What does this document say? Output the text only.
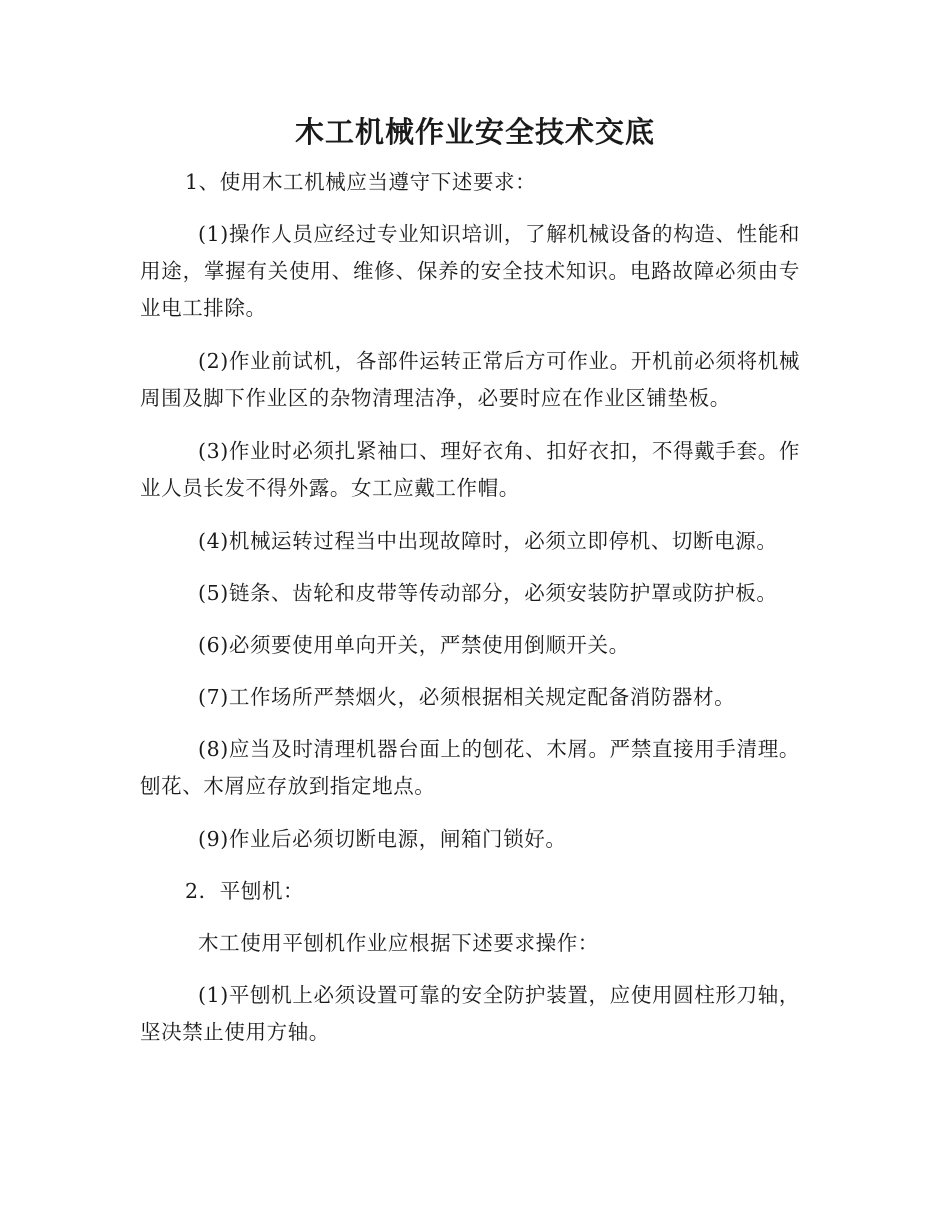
木工机械作业安全技术交底

1、使用木工机械应当遵守下述要求：

(1)操作人员应经过专业知识培训，了解机械设备的构造、性能和用途，掌握有关使用、维修、保养的安全技术知识。电路故障必须由专业电工排除。

(2)作业前试机，各部件运转正常后方可作业。开机前必须将机械周围及脚下作业区的杂物清理洁净，必要时应在作业区铺垫板。

(3)作业时必须扎紧袖口、理好衣角、扣好衣扣，不得戴手套。作业人员长发不得外露。女工应戴工作帽。

(4)机械运转过程当中出现故障时，必须立即停机、切断电源。

(5)链条、齿轮和皮带等传动部分，必须安装防护罩或防护板。

(6)必须要使用单向开关，严禁使用倒顺开关。

(7)工作场所严禁烟火，必须根据相关规定配备消防器材。

(8)应当及时清理机器台面上的刨花、木屑。严禁直接用手清理。刨花、木屑应存放到指定地点。

(9)作业后必须切断电源，闸箱门锁好。

2．平刨机：

木工使用平刨机作业应根据下述要求操作：

(1)平刨机上必须设置可靠的安全防护装置，应使用圆柱形刀轴，坚决禁止使用方轴。
